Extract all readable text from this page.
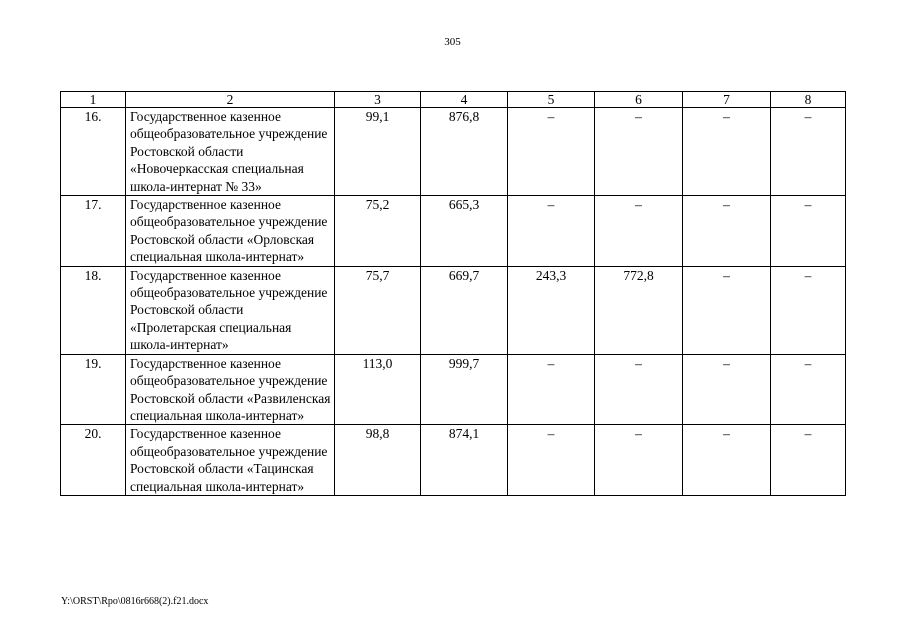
305
1	2	3	4	5	6	7	8
16.	Государственное казенное общеобразовательное учреждение Ростовской области «Новочеркасская специальная школа-интернат № 33»	99,1	876,8	–	–	–	–
17.	Государственное казенное общеобразовательное учреждение Ростовской области «Орловская специальная школа-интернат»	75,2	665,3	–	–	–	–
18.	Государственное казенное общеобразовательное учреждение Ростовской области «Пролетарская специальная школа-интернат»	75,7	669,7	243,3	772,8	–	–
19.	Государственное казенное общеобразовательное учреждение Ростовской области «Развиленская специальная школа-интернат»	113,0	999,7	–	–	–	–
20.	Государственное казенное общеобразовательное учреждение Ростовской области «Тацинская специальная школа-интернат»	98,8	874,1	–	–	–	–
Y:\ORST\Rpo\0816r668(2).f21.docx
